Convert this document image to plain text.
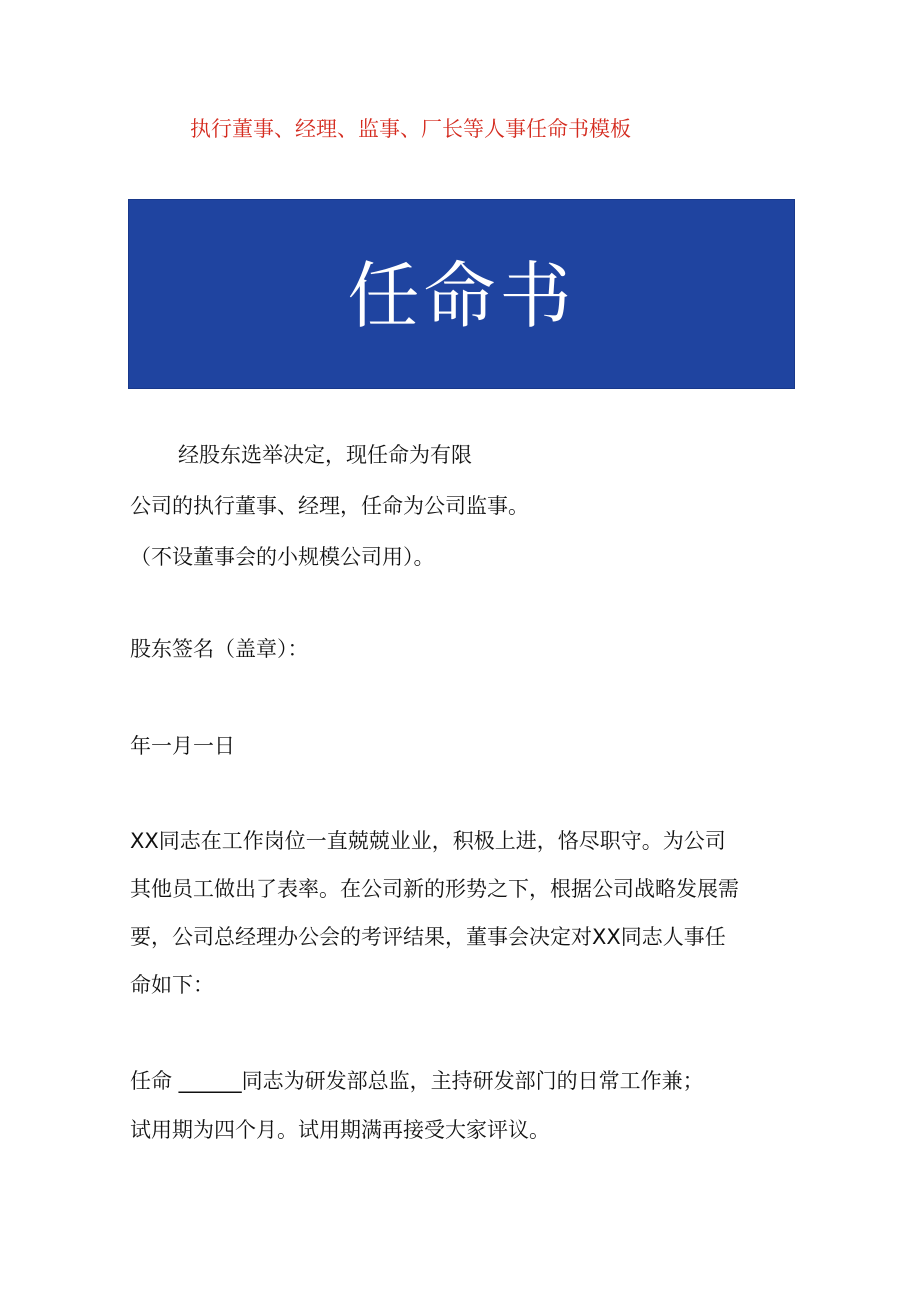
执行董事、经理、监事、厂长等人事任命书模板
任命书
经股东选举决定，现任命为有限
公司的执行董事、经理，任命为公司监事。
（不设董事会的小规模公司用）。
股东签名（盖章）：
年一月一日
XX同志在工作岗位一直兢兢业业，积极上进，恪尽职守。为公司
其他员工做出了表率。在公司新的形势之下，根据公司战略发展需
要，公司总经理办公会的考评结果，董事会决定对XX同志人事任
命如下：
任命 ______同志为研发部总监，主持研发部门的日常工作兼；
试用期为四个月。试用期满再接受大家评议。
